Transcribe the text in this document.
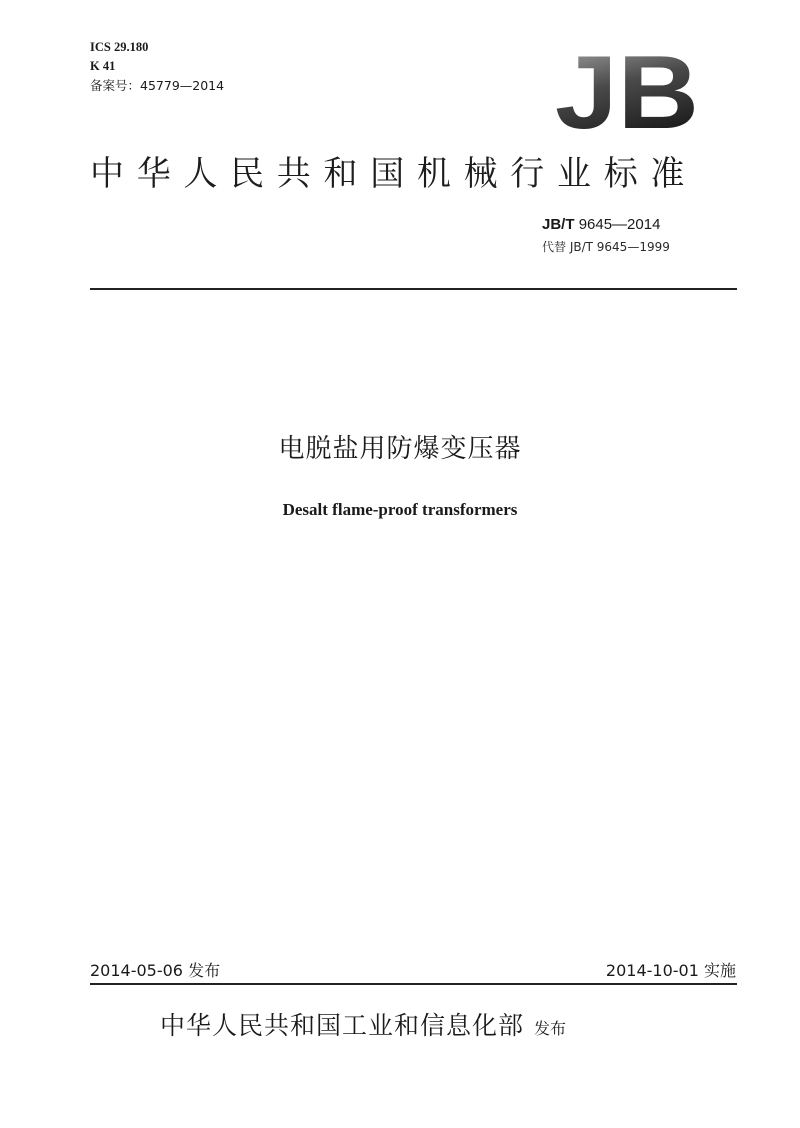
ICS 29.180
K 41
备案号：45779—2014	JB
中华人民共和国机械行业标准
JB/T 9645—2014
代替 JB/T 9645—1999
电脱盐用防爆变压器
Desalt flame-proof transformers
2014-05-06 发布	2014-10-01 实施
中华人民共和国工业和信息化部 发布
